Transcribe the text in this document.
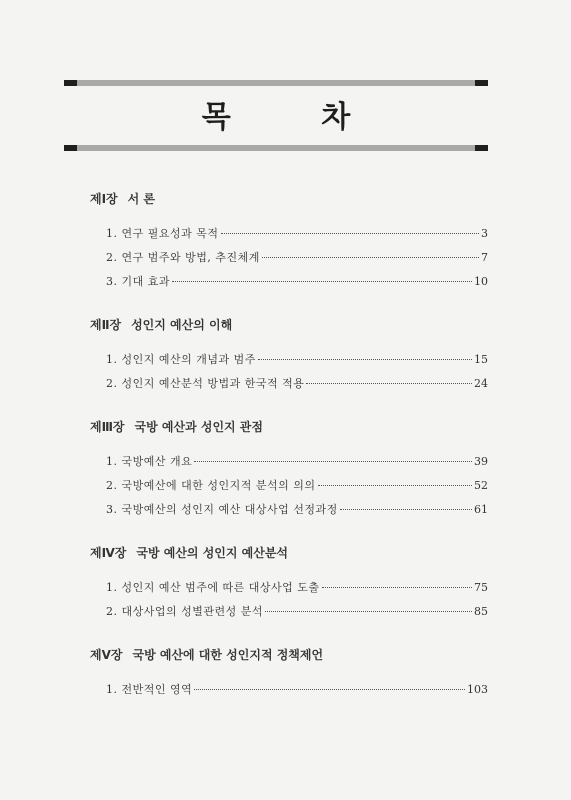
목 차
제Ⅰ장 서 론
1. 연구 필요성과 목적	3
2. 연구 범주와 방법, 추진체계	7
3. 기대 효과	10
제Ⅱ장 성인지 예산의 이해
1. 성인지 예산의 개념과 범주	15
2. 성인지 예산분석 방법과 한국적 적용	24
제Ⅲ장 국방 예산과 성인지 관점
1. 국방예산 개요	39
2. 국방예산에 대한 성인지적 분석의 의의	52
3. 국방예산의 성인지 예산 대상사업 선정과정	61
제Ⅳ장 국방 예산의 성인지 예산분석
1. 성인지 예산 범주에 따른 대상사업 도출	75
2. 대상사업의 성별관련성 분석	85
제Ⅴ장 국방 예산에 대한 성인지적 정책제언
1. 전반적인 영역	103
